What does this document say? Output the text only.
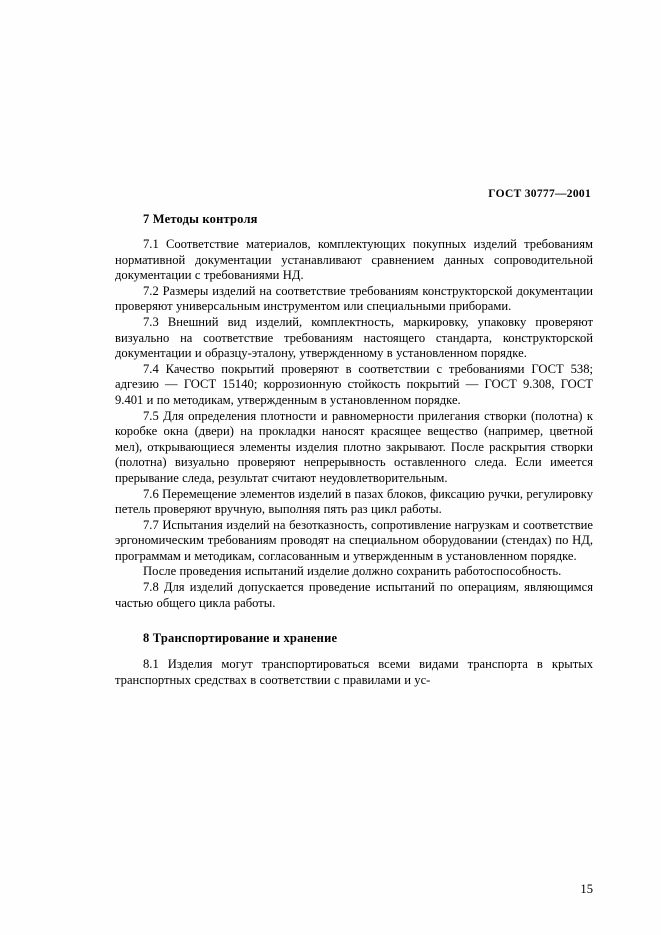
ГОСТ 30777—2001
7 Методы контроля

7.1 Соответствие материалов, комплектующих покупных изделий требованиям нормативной документации устанавливают сравнением данных сопроводительной документации с требованиями НД.

7.2 Размеры изделий на соответствие требованиям конструкторской документации проверяют универсальным инструментом или специальными приборами.

7.3 Внешний вид изделий, комплектность, маркировку, упаковку проверяют визуально на соответствие требованиям настоящего стандарта, конструкторской документации и образцу-эталону, утвержденному в установленном порядке.

7.4 Качество покрытий проверяют в соответствии с требованиями ГОСТ 538; адгезию — ГОСТ 15140; коррозионную стойкость покрытий — ГОСТ 9.308, ГОСТ 9.401 и по методикам, утвержденным в установленном порядке.

7.5 Для определения плотности и равномерности прилегания створки (полотна) к коробке окна (двери) на прокладки наносят красящее вещество (например, цветной мел), открывающиеся элементы изделия плотно закрывают. После раскрытия створки (полотна) визуально проверяют непрерывность оставленного следа. Если имеется прерывание следа, результат считают неудовлетворительным.

7.6 Перемещение элементов изделий в пазах блоков, фиксацию ручки, регулировку петель проверяют вручную, выполняя пять раз цикл работы.

7.7 Испытания изделий на безотказность, сопротивление нагрузкам и соответствие эргономическим требованиям проводят на специальном оборудовании (стендах) по НД, программам и методикам, согласованным и утвержденным в установленном порядке.

После проведения испытаний изделие должно сохранить работоспособность.

7.8 Для изделий допускается проведение испытаний по операциям, являющимся частью общего цикла работы.

8 Транспортирование и хранение

8.1 Изделия могут транспортироваться всеми видами транспорта в крытых транспортных средствах в соответствии с правилами и ус-

15
